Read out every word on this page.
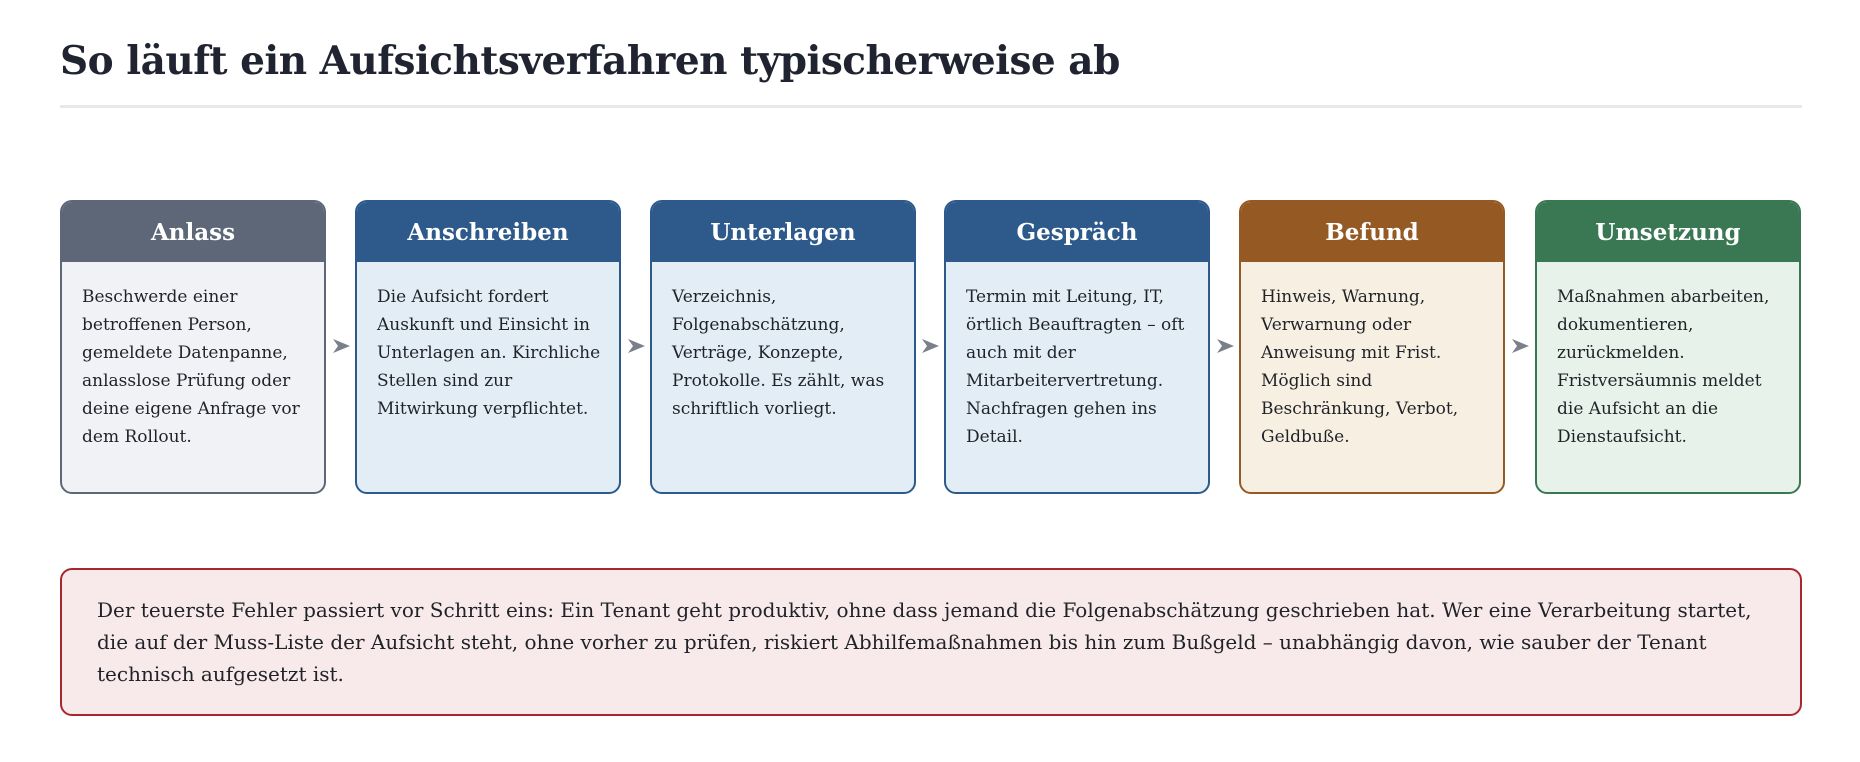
So läuft ein Aufsichtsverfahren typischerweise ab
Anlass
Beschwerde einer betroffenen Person, gemeldete Datenpanne, anlasslose Prüfung oder deine eigene Anfrage vor dem Rollout.
Anschreiben
Die Aufsicht fordert Auskunft und Einsicht in Unterlagen an. Kirchliche Stellen sind zur Mitwirkung verpflichtet.
Unterlagen
Verzeichnis, Folgenabschätzung, Verträge, Konzepte, Protokolle. Es zählt, was schriftlich vorliegt.
Gespräch
Termin mit Leitung, IT, örtlich Beauftragten – oft auch mit der Mitarbeitervertretung. Nachfragen gehen ins Detail.
Befund
Hinweis, Warnung, Verwarnung oder Anweisung mit Frist. Möglich sind Beschränkung, Verbot, Geldbuße.
Umsetzung
Maßnahmen abarbeiten, dokumentieren, zurückmelden. Fristversäumnis meldet die Aufsicht an die Dienstaufsicht.
Der teuerste Fehler passiert vor Schritt eins: Ein Tenant geht produktiv, ohne dass jemand die Folgenabschätzung geschrieben hat. Wer eine Verarbeitung startet, die auf der Muss-Liste der Aufsicht steht, ohne vorher zu prüfen, riskiert Abhilfemaßnahmen bis hin zum Bußgeld – unabhängig davon, wie sauber der Tenant technisch aufgesetzt ist.
